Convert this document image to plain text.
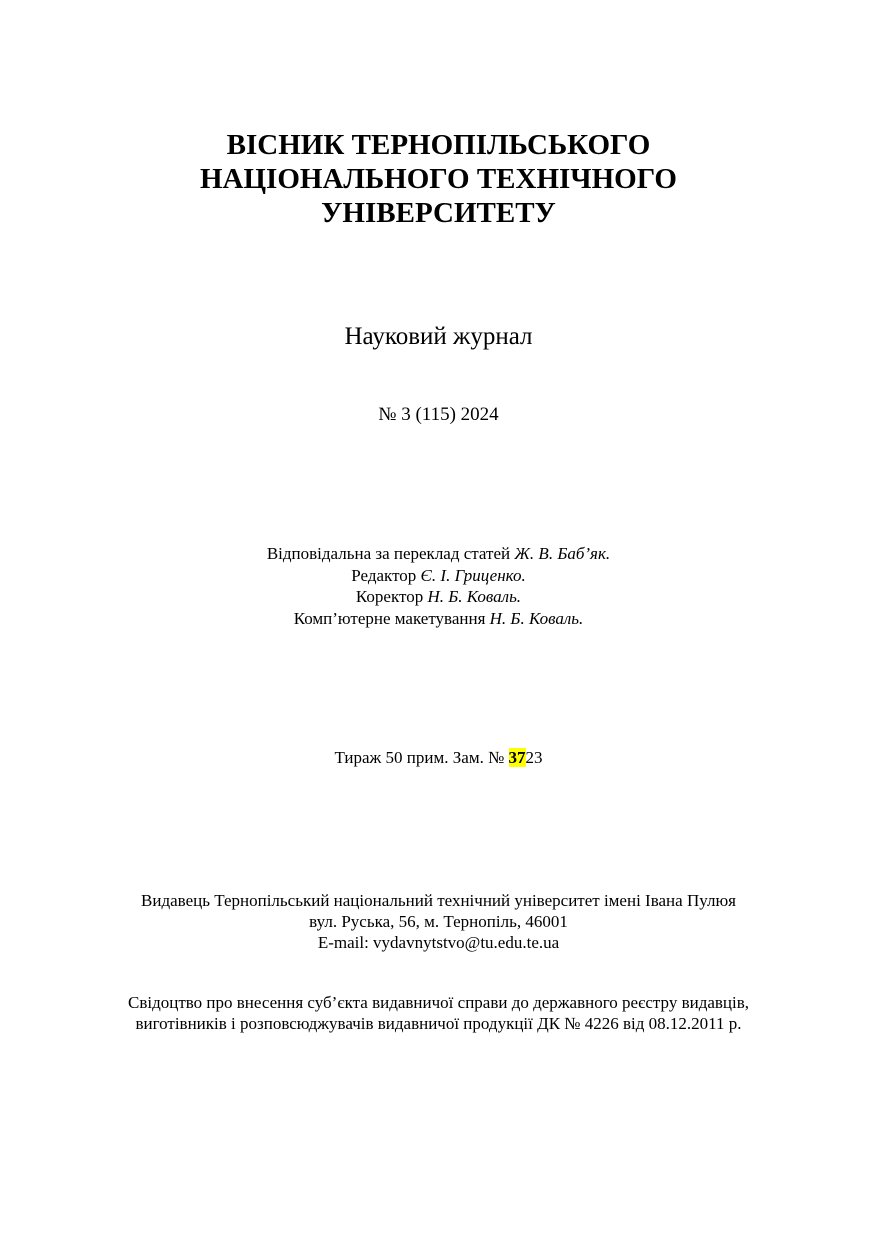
ВІСНИК ТЕРНОПІЛЬСЬКОГО
НАЦІОНАЛЬНОГО ТЕХНІЧНОГО
УНІВЕРСИТЕТУ
Науковий журнал
№ 3 (115) 2024
Відповідальна за переклад статей Ж. В. Баб’як.
Редактор Є. І. Гриценко.
Коректор Н. Б. Коваль.
Комп’ютерне макетування Н. Б. Коваль.
Тираж 50 прим. Зам. № 3723
Видавець Тернопільський національний технічний університет імені Івана Пулюя
вул. Руська, 56, м. Тернопіль, 46001
E-mail: vydavnytstvo@tu.edu.te.ua
Свідоцтво про внесення суб’єкта видавничої справи до державного реєстру видавців,
виготівників і розповсюджувачів видавничої продукції ДК № 4226 від 08.12.2011 р.
